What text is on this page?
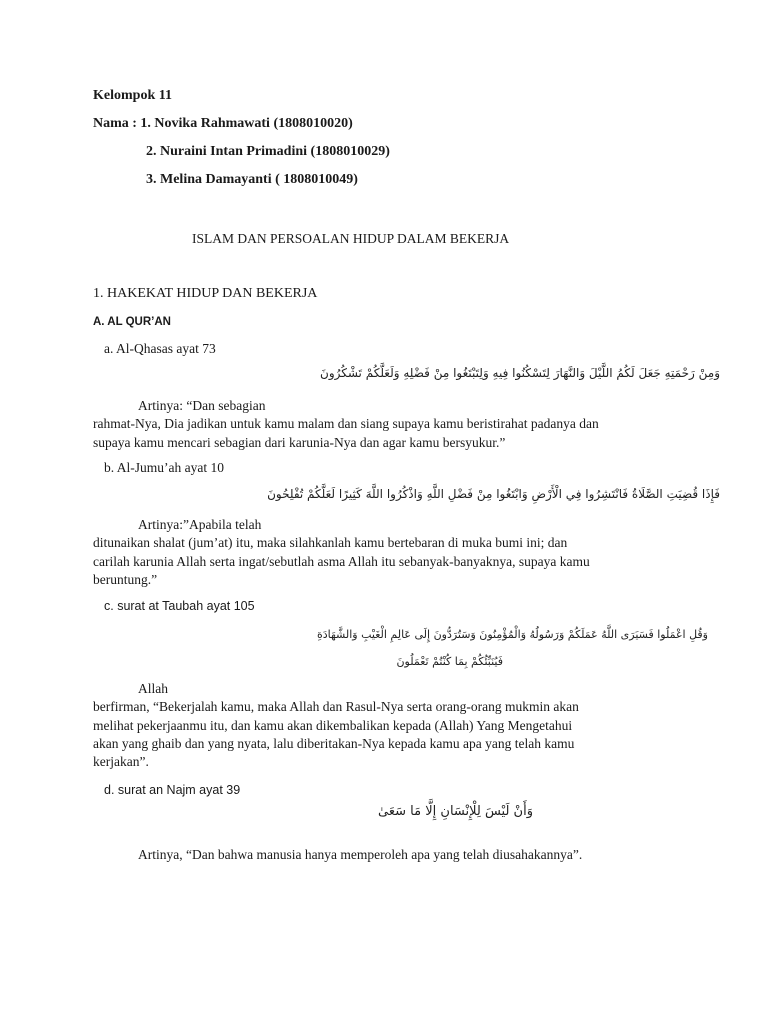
Kelompok 11
Nama : 1. Novika Rahmawati (1808010020)
2. Nuraini Intan Primadini (1808010029)
3. Melina Damayanti ( 1808010049)
ISLAM DAN PERSOALAN HIDUP DALAM BEKERJA
1. HAKEKAT HIDUP DAN BEKERJA
A. AL QUR’AN
a. Al-Qhasas ayat 73
وَمِنْ رَحْمَتِهِ جَعَلَ لَكُمُ اللَّيْلَ وَالنَّهَارَ لِتَسْكُنُوا فِيهِ وَلِتَبْتَغُوا مِنْ فَضْلِهِ وَلَعَلَّكُمْ تَشْكُرُونَ
Artinya: “Dan sebagian
rahmat-Nya, Dia jadikan untuk kamu malam dan siang supaya kamu beristirahat padanya dan
supaya kamu mencari sebagian dari karunia-Nya dan agar kamu bersyukur.”
b. Al-Jumu’ah ayat 10
فَإِذَا قُضِيَتِ الصَّلَاةُ فَانْتَشِرُوا فِي الْأَرْضِ وَابْتَغُوا مِنْ فَضْلِ اللَّهِ وَاذْكُرُوا اللَّهَ كَثِيرًا لَعَلَّكُمْ تُفْلِحُونَ
Artinya:”Apabila telah
ditunaikan shalat (jum’at) itu, maka silahkanlah kamu bertebaran di muka bumi ini; dan
carilah karunia Allah serta ingat/sebutlah asma Allah itu sebanyak-banyaknya, supaya kamu
beruntung.”
c. surat at Taubah ayat 105
وَقُلِ اعْمَلُوا فَسَيَرَى اللَّهُ عَمَلَكُمْ وَرَسُولُهُ وَالْمُؤْمِنُونَ وَسَتُرَدُّونَ إِلَى عَالِمِ الْغَيْبِ وَالشَّهَادَةِ
فَيُنَبِّئُكُمْ بِمَا كُنْتُمْ تَعْمَلُونَ
Allah
berfirman, “Bekerjalah kamu, maka Allah dan Rasul-Nya serta orang-orang mukmin akan
melihat pekerjaanmu itu, dan kamu akan dikembalikan kepada (Allah) Yang Mengetahui
akan yang ghaib dan yang nyata, lalu diberitakan-Nya kepada kamu apa yang telah kamu
kerjakan”.
d. surat an Najm ayat 39
وَأَنْ لَيْسَ لِلْإِنْسَانِ إِلَّا مَا سَعَىٰ
Artinya, “Dan bahwa manusia hanya memperoleh apa yang telah diusahakannya”.
